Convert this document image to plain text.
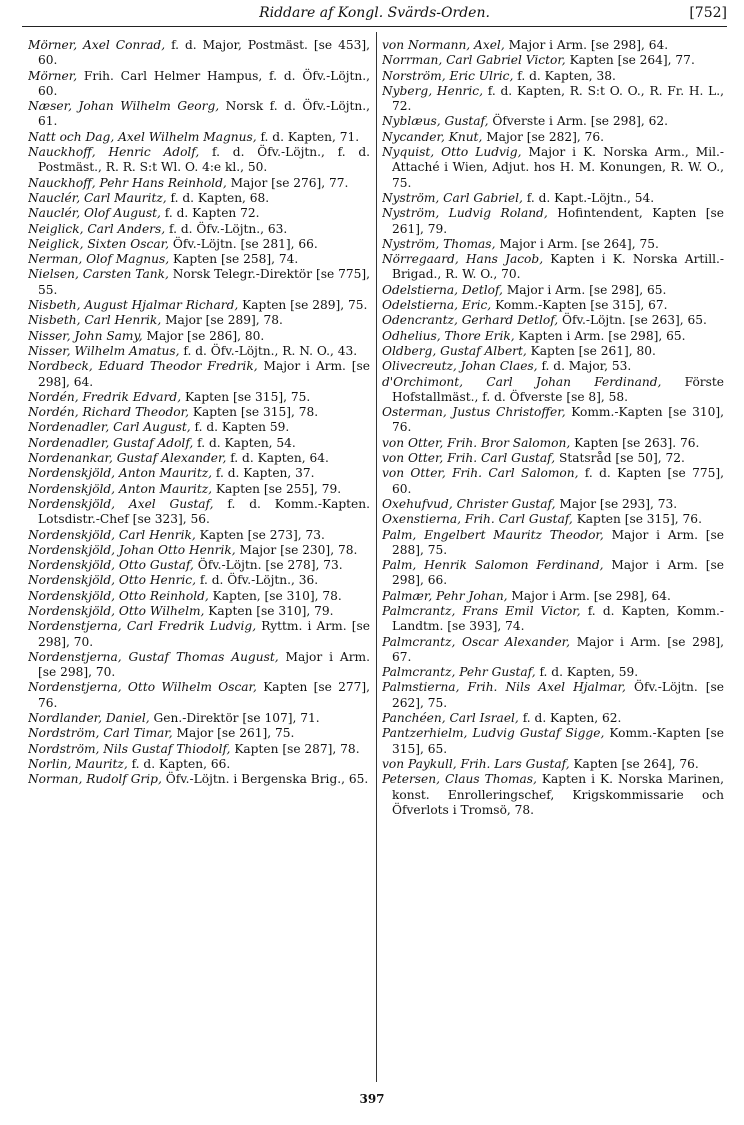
Riddare af Kongl. Svärds-Orden.	[752]
Mörner, Axel Conrad, f. d. Major, Postmäst. [se 453], 60.
Mörner, Frih. Carl Helmer Hampus, f. d. Öfv.-Löjtn., 60.
Næser, Johan Wilhelm Georg, Norsk f. d. Öfv.-Löjtn., 61.
Natt och Dag, Axel Wilhelm Magnus, f. d. Kapten, 71.
Nauckhoff, Henric Adolf, f. d. Öfv.-Löjtn., f. d. Postmäst., R. R. S:t Wl. O. 4:e kl., 50.
Nauckhoff, Pehr Hans Reinhold, Major [se 276], 77.
Nauclér, Carl Mauritz, f. d. Kapten, 68.
Nauclér, Olof August, f. d. Kapten 72.
Neiglick, Carl Anders, f. d. Öfv.-Löjtn., 63.
Neiglick, Sixten Oscar, Öfv.-Löjtn. [se 281], 66.
Nerman, Olof Magnus, Kapten [se 258], 74.
Nielsen, Carsten Tank, Norsk Telegr.-Direktör [se 775], 55.
Nisbeth, August Hjalmar Richard, Kapten [se 289], 75.
Nisbeth, Carl Henrik, Major [se 289], 78.
Nisser, John Samy, Major [se 286], 80.
Nisser, Wilhelm Amatus, f. d. Öfv.-Löjtn., R. N. O., 43.
Nordbeck, Eduard Theodor Fredrik, Major i Arm. [se 298], 64.
Nordén, Fredrik Edvard, Kapten [se 315], 75.
Nordén, Richard Theodor, Kapten [se 315], 78.
Nordenadler, Carl August, f. d. Kapten 59.
Nordenadler, Gustaf Adolf, f. d. Kapten, 54.
Nordenankar, Gustaf Alexander, f. d. Kapten, 64.
Nordenskjöld, Anton Mauritz, f. d. Kapten, 37.
Nordenskjöld, Anton Mauritz, Kapten [se 255], 79.
Nordenskjöld, Axel Gustaf, f. d. Komm.-Kapten. Lotsdistr.-Chef [se 323], 56.
Nordenskjöld, Carl Henrik, Kapten [se 273], 73.
Nordenskjöld, Johan Otto Henrik, Major [se 230], 78.
Nordenskjöld, Otto Gustaf, Öfv.-Löjtn. [se 278], 73.
Nordenskjöld, Otto Henric, f. d. Öfv.-Löjtn., 36.
Nordenskjöld, Otto Reinhold, Kapten, [se 310], 78.
Nordenskjöld, Otto Wilhelm, Kapten [se 310], 79.
Nordenstjerna, Carl Fredrik Ludvig, Ryttm. i Arm. [se 298], 70.
Nordenstjerna, Gustaf Thomas August, Major i Arm. [se 298], 70.
Nordenstjerna, Otto Wilhelm Oscar, Kapten [se 277], 76.
Nordlander, Daniel, Gen.-Direktör [se 107], 71.
Nordström, Carl Timar, Major [se 261], 75.
Nordström, Nils Gustaf Thiodolf, Kapten [se 287], 78.
Norlin, Mauritz, f. d. Kapten, 66.
Norman, Rudolf Grip, Öfv.-Löjtn. i Bergenska Brig., 65.
von Normann, Axel, Major i Arm. [se 298], 64.
Norrman, Carl Gabriel Victor, Kapten [se 264], 77.
Norström, Eric Ulric, f. d. Kapten, 38.
Nyberg, Henric, f. d. Kapten, R. S:t O. O., R. Fr. H. L., 72.
Nyblæus, Gustaf, Öfverste i Arm. [se 298], 62.
Nycander, Knut, Major [se 282], 76.
Nyquist, Otto Ludvig, Major i K. Norska Arm., Mil.-Attaché i Wien, Adjut. hos H. M. Konungen, R. W. O., 75.
Nyström, Carl Gabriel, f. d. Kapt.-Löjtn., 54.
Nyström, Ludvig Roland, Hofintendent, Kapten [se 261], 79.
Nyström, Thomas, Major i Arm. [se 264], 75.
Nörregaard, Hans Jacob, Kapten i K. Norska Artill.-Brigad., R. W. O., 70.
Odelstierna, Detlof, Major i Arm. [se 298], 65.
Odelstierna, Eric, Komm.-Kapten [se 315], 67.
Odencrantz, Gerhard Detlof, Öfv.-Löjtn. [se 263], 65.
Odhelius, Thore Erik, Kapten i Arm. [se 298], 65.
Oldberg, Gustaf Albert, Kapten [se 261], 80.
Olivecreutz, Johan Claes, f. d. Major, 53.
d'Orchimont, Carl Johan Ferdinand, Förste Hofstallmäst., f. d. Öfverste [se 8], 58.
Osterman, Justus Christoffer, Komm.-Kapten [se 310], 76.
von Otter, Frih. Bror Salomon, Kapten [se 263]. 76.
von Otter, Frih. Carl Gustaf, Statsråd [se 50], 72.
von Otter, Frih. Carl Salomon, f. d. Kapten [se 775], 60.
Oxehufvud, Christer Gustaf, Major [se 293], 73.
Oxenstierna, Frih. Carl Gustaf, Kapten [se 315], 76.
Palm, Engelbert Mauritz Theodor, Major i Arm. [se 288], 75.
Palm, Henrik Salomon Ferdinand, Major i Arm. [se 298], 66.
Palmær, Pehr Johan, Major i Arm. [se 298], 64.
Palmcrantz, Frans Emil Victor, f. d. Kapten, Komm.-Landtm. [se 393], 74.
Palmcrantz, Oscar Alexander, Major i Arm. [se 298], 67.
Palmcrantz, Pehr Gustaf, f. d. Kapten, 59.
Palmstierna, Frih. Nils Axel Hjalmar, Öfv.-Löjtn. [se 262], 75.
Panchéen, Carl Israel, f. d. Kapten, 62.
Pantzerhielm, Ludvig Gustaf Sigge, Komm.-Kapten [se 315], 65.
von Paykull, Frih. Lars Gustaf, Kapten [se 264], 76.
Petersen, Claus Thomas, Kapten i K. Norska Marinen, konst. Enrolleringschef, Krigskommissarie och Öfverlots i Tromsö, 78.
397
